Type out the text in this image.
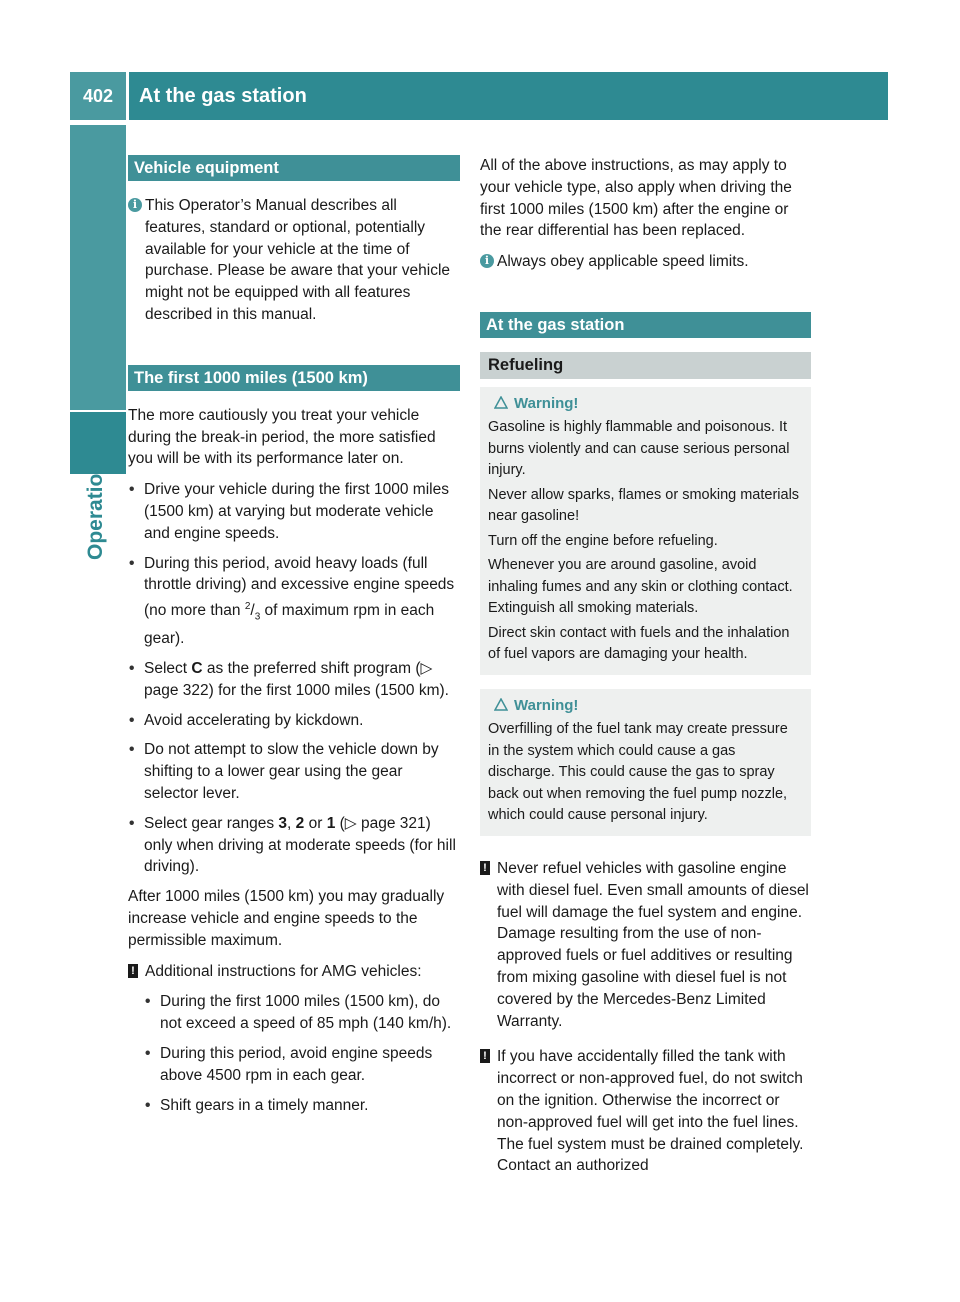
402	At the gas station
Operation
Vehicle equipment
i This Operator’s Manual describes all features, standard or optional, potentially available for your vehicle at the time of purchase. Please be aware that your vehicle might not be equipped with all features described in this manual.
The first 1000 miles (1500 km)

The more cautiously you treat your vehicle during the break-in period, the more satisfied you will be with its performance later on.

• Drive your vehicle during the first 1000 miles (1500 km) at varying but moderate vehicle and engine speeds.
• During this period, avoid heavy loads (full throttle driving) and excessive engine speeds (no more than $^2/_3$ of maximum rpm in each gear).
• Select C as the preferred shift program (▷ page 322) for the first 1000 miles (1500 km).
• Avoid accelerating by kickdown.
• Do not attempt to slow the vehicle down by shifting to a lower gear using the gear selector lever.
• Select gear ranges 3, 2 or 1 (▷ page 321) only when driving at moderate speeds (for hill driving).

After 1000 miles (1500 km) you may gradually increase vehicle and engine speeds to the permissible maximum.

! Additional instructions for AMG vehicles:
• During the first 1000 miles (1500 km), do not exceed a speed of 85 mph (140 km/h).
• During this period, avoid engine speeds above 4500 rpm in each gear.
• Shift gears in a timely manner.

All of the above instructions, as may apply to your vehicle type, also apply when driving the first 1000 miles (1500 km) after the engine or the rear differential has been replaced.

i Always obey applicable speed limits.
At the gas station
Refueling
Warning!

Gasoline is highly flammable and poisonous. It burns violently and can cause serious personal injury.

Never allow sparks, flames or smoking materials near gasoline!

Turn off the engine before refueling.

Whenever you are around gasoline, avoid inhaling fumes and any skin or clothing contact. Extinguish all smoking materials.

Direct skin contact with fuels and the inhalation of fuel vapors are damaging your health.

Warning!

Overfilling of the fuel tank may create pressure in the system which could cause a gas discharge. This could cause the gas to spray back out when removing the fuel pump nozzle, which could cause personal injury.

! Never refuel vehicles with gasoline engine with diesel fuel. Even small amounts of diesel fuel will damage the fuel system and engine. Damage resulting from the use of non-approved fuels or fuel additives or resulting from mixing gasoline with diesel fuel is not covered by the Mercedes-Benz Limited Warranty.
! If you have accidentally filled the tank with incorrect or non-approved fuel, do not switch on the ignition. Otherwise the incorrect or non-approved fuel will get into the fuel lines. The fuel system must be drained completely. Contact an authorized
